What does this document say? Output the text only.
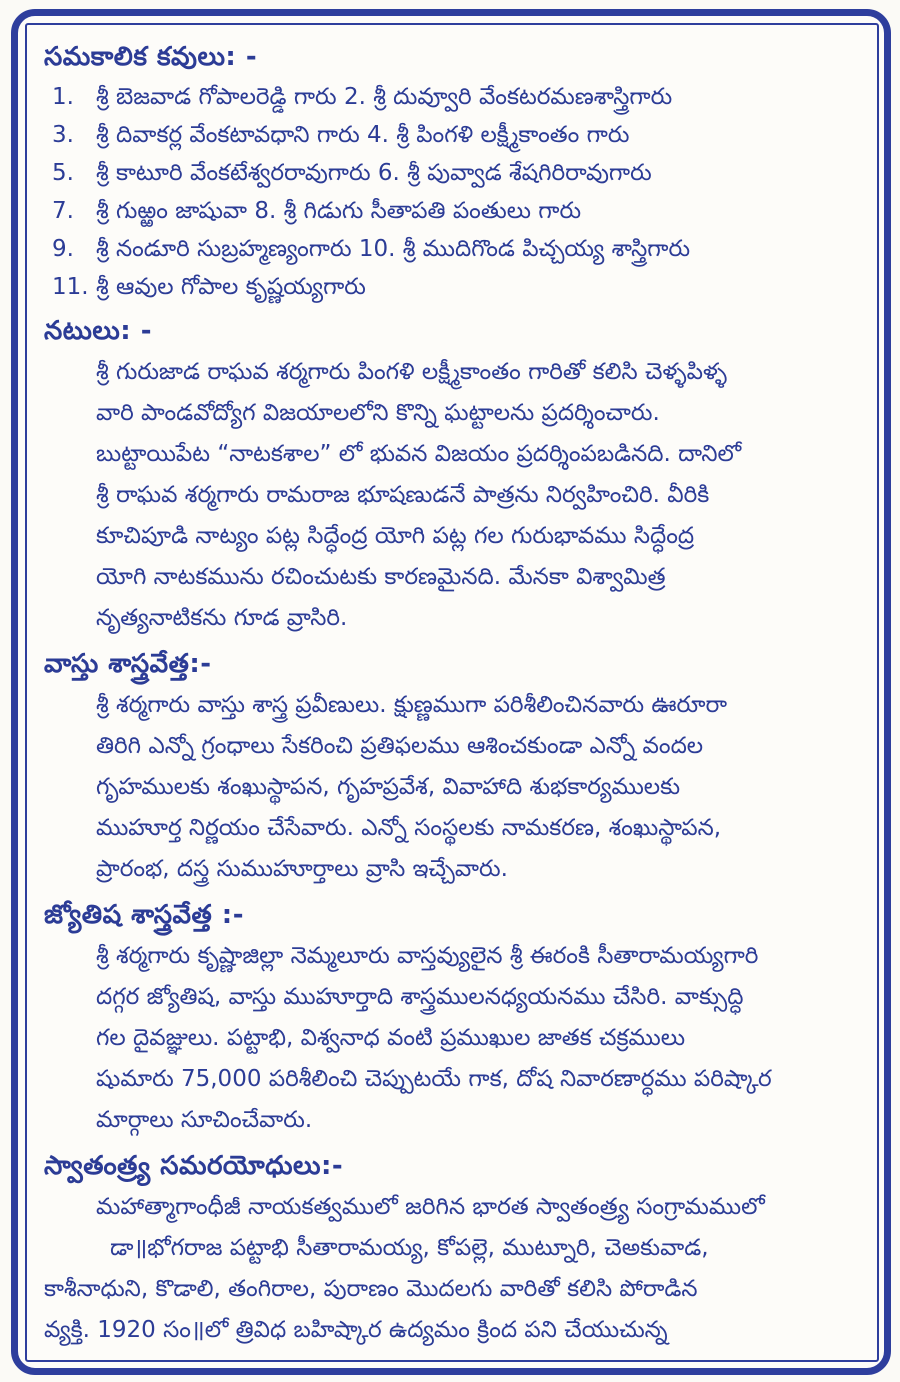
సమకాలిక కవులు: -
1. శ్రీ బెజవాడ గోపాలరెడ్డి గారు 2. శ్రీ దువ్వూరి వేంకటరమణశాస్త్రిగారు
3. శ్రీ దివాకర్ల వేంకటావధాని గారు 4. శ్రీ పింగళి లక్ష్మీకాంతం గారు
5. శ్రీ కాటూరి వేంకటేశ్వరరావుగారు 6. శ్రీ పువ్వాడ శేషగిరిరావుగారు
7. శ్రీ గుఱ్ఱం జాషువా 8. శ్రీ గిడుగు సీతాపతి పంతులు గారు
9. శ్రీ నండూరి సుబ్రహ్మణ్యంగారు 10. శ్రీ ముదిగొండ పిచ్చయ్య శాస్త్రిగారు
11. శ్రీ ఆవుల గోపాల కృష్ణయ్యగారు
నటులు: -
శ్రీ గురుజాడ రాఘవ శర్మగారు పింగళి లక్ష్మీకాంతం గారితో కలిసి చెళ్ళపిళ్ళ
వారి పాండవోద్యోగ విజయాలలోని కొన్ని ఘట్టాలను ప్రదర్శించారు.
బుట్టాయిపేట “నాటకశాల” లో భువన విజయం ప్రదర్శింపబడినది. దానిలో
శ్రీ రాఘవ శర్మగారు రామరాజ భూషణుడనే పాత్రను నిర్వహించిరి. వీరికి
కూచిపూడి నాట్యం పట్ల సిద్ధేంద్ర యోగి పట్ల గల గురుభావము సిద్ధేంద్ర
యోగి నాటకమును రచించుటకు కారణమైనది. మేనకా విశ్వామిత్ర
నృత్యనాటికను గూడ వ్రాసిరి.
వాస్తు శాస్త్రవేత్త:-
శ్రీ శర్మగారు వాస్తు శాస్త్ర ప్రవీణులు. క్షుణ్ణముగా పరిశీలించినవారు ఊరూరా
తిరిగి ఎన్నో గ్రంధాలు సేకరించి ప్రతిఫలము ఆశించకుండా ఎన్నో వందల
గృహములకు శంఖుస్థాపన, గృహప్రవేశ, వివాహాది శుభకార్యములకు
ముహూర్త నిర్ణయం చేసేవారు. ఎన్నో సంస్థలకు నామకరణ, శంఖుస్థాపన,
ప్రారంభ, దస్త్ర సుముహూర్తాలు వ్రాసి ఇచ్చేవారు.
జ్యోతిష శాస్త్రవేత్త :-
శ్రీ శర్మగారు కృష్ణాజిల్లా నెమ్మలూరు వాస్తవ్యులైన శ్రీ ఈరంకి సీతారామయ్యగారి
దగ్గర జ్యోతిష, వాస్తు ముహూర్తాది శాస్త్రములనధ్యయనము చేసిరి. వాక్సుద్ధి
గల దైవజ్ఞులు. పట్టాభి, విశ్వనాధ వంటి ప్రముఖుల జాతక చక్రములు
షుమారు 75,000 పరిశీలించి చెప్పుటయే గాక, దోష నివారణార్ధము పరిష్కార
మార్గాలు సూచించేవారు.
స్వాతంత్ర్య సమరయోధులు:-
మహాత్మాగాంధీజీ నాయకత్వములో జరిగిన భారత స్వాతంత్ర్య సంగ్రామములో
డా॥భోగరాజ పట్టాభి సీతారామయ్య, కోపల్లె, ముట్నూరి, చెఅకువాడ,
కాశీనాధుని, కొడాలి, తంగిరాల, పురాణం మొదలగు వారితో కలిసి పోరాడిన
వ్యక్తి. 1920 సం॥లో త్రివిధ బహిష్కార ఉద్యమం క్రింద పని చేయుచున్న
